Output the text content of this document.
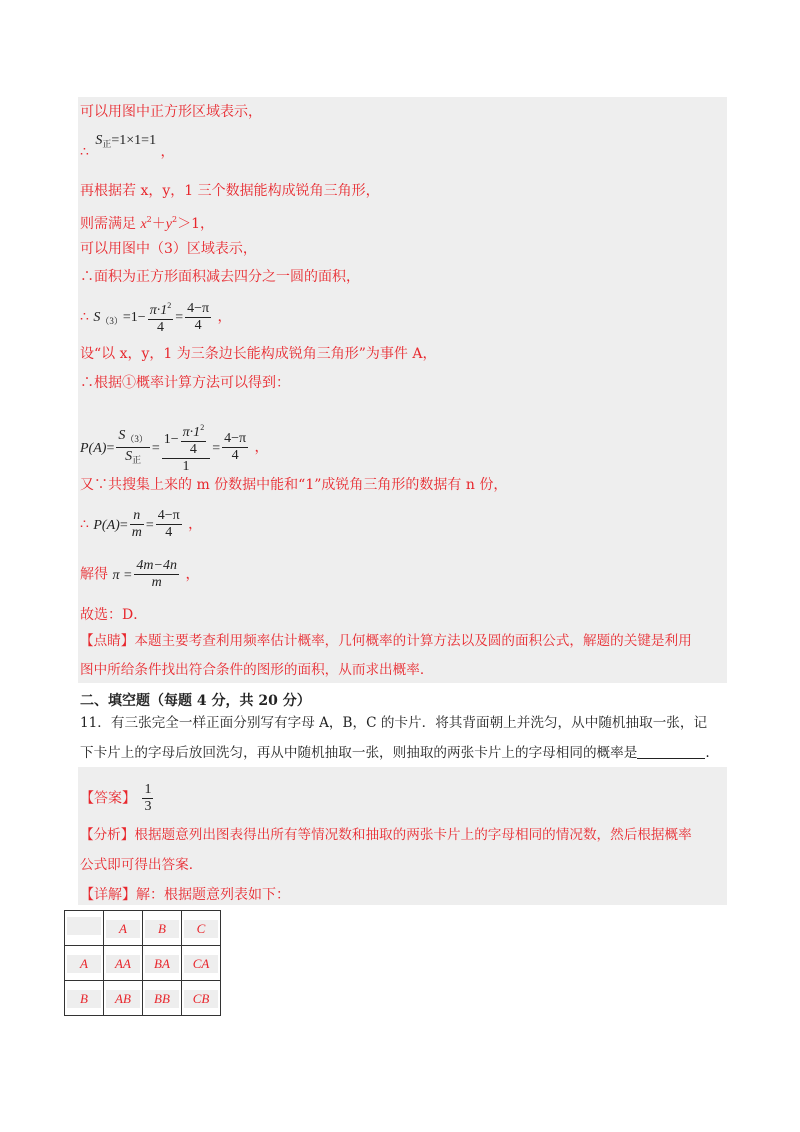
可以用图中正方形区域表示，
∴ $S_正=1\times 1=1$ ，
再根据若 x，y，1 三个数据能构成锐角三角形，
则需满足 $x^2+y^2>1$，
可以用图中（3）区域表示，
∴面积为正方形面积减去四分之一圆的面积，
∴ $S_{(3)}=1- \frac{\pi\cdot 1^2}{4} = \frac{4-\pi}{4}$ ，
设“以 x，y，1 为三条边长能构成锐角三角形”为事件 A，
∴根据①概率计算方法可以得到：
$P(A)= \frac{S_{(3)}}{S_正} = \frac{1- \frac{\pi\cdot 1^2}{4}}{1} = \frac{4-\pi}{4}$ ，
又∵共搜集上来的 m 份数据中能和“1”成锐角三角形的数据有 n 份，
∴ $P(A)= \frac{n}{m} = \frac{4-\pi}{4}$ ，
解得 $\pi = \frac{4m-4n}{m}$ ，
故选：D．
【点睛】本题主要考查利用频率估计概率，几何概率的计算方法以及圆的面积公式，解题的关键是利用
图中所给条件找出符合条件的图形的面积，从而求出概率．
二、填空题（每题 4 分，共 20 分）
11．有三张完全一样正面分别写有字母 A，B，C 的卡片．将其背面朝上并洗匀，从中随机抽取一张，记
下卡片上的字母后放回洗匀，再从中随机抽取一张，则抽取的两张卡片上的字母相同的概率是	.
【答案】 $\frac{1}{3}$
【分析】根据题意列出图表得出所有等情况数和抽取的两张卡片上的字母相同的情况数，然后根据概率
公式即可得出答案．
【详解】解：根据题意列表如下：
	A	B	C
A	AA	BA	CA
B	AB	BB	CB
